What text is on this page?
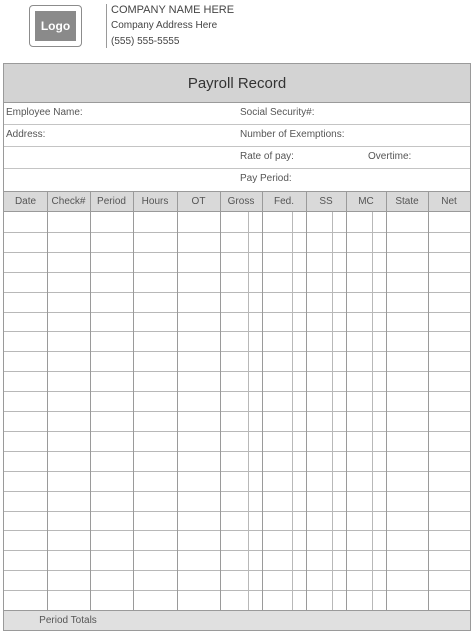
Logo
COMPANY NAME HERE
Company Address Here
(555) 555-5555
Payroll Record
Employee Name:	Social Security#:
Address:	Number of Exemptions:
Rate of pay:	Overtime:
Pay Period:
Date	Check#	Period	Hours	OT	Gross	Fed.	SS	MC	State	Net
Period Totals
